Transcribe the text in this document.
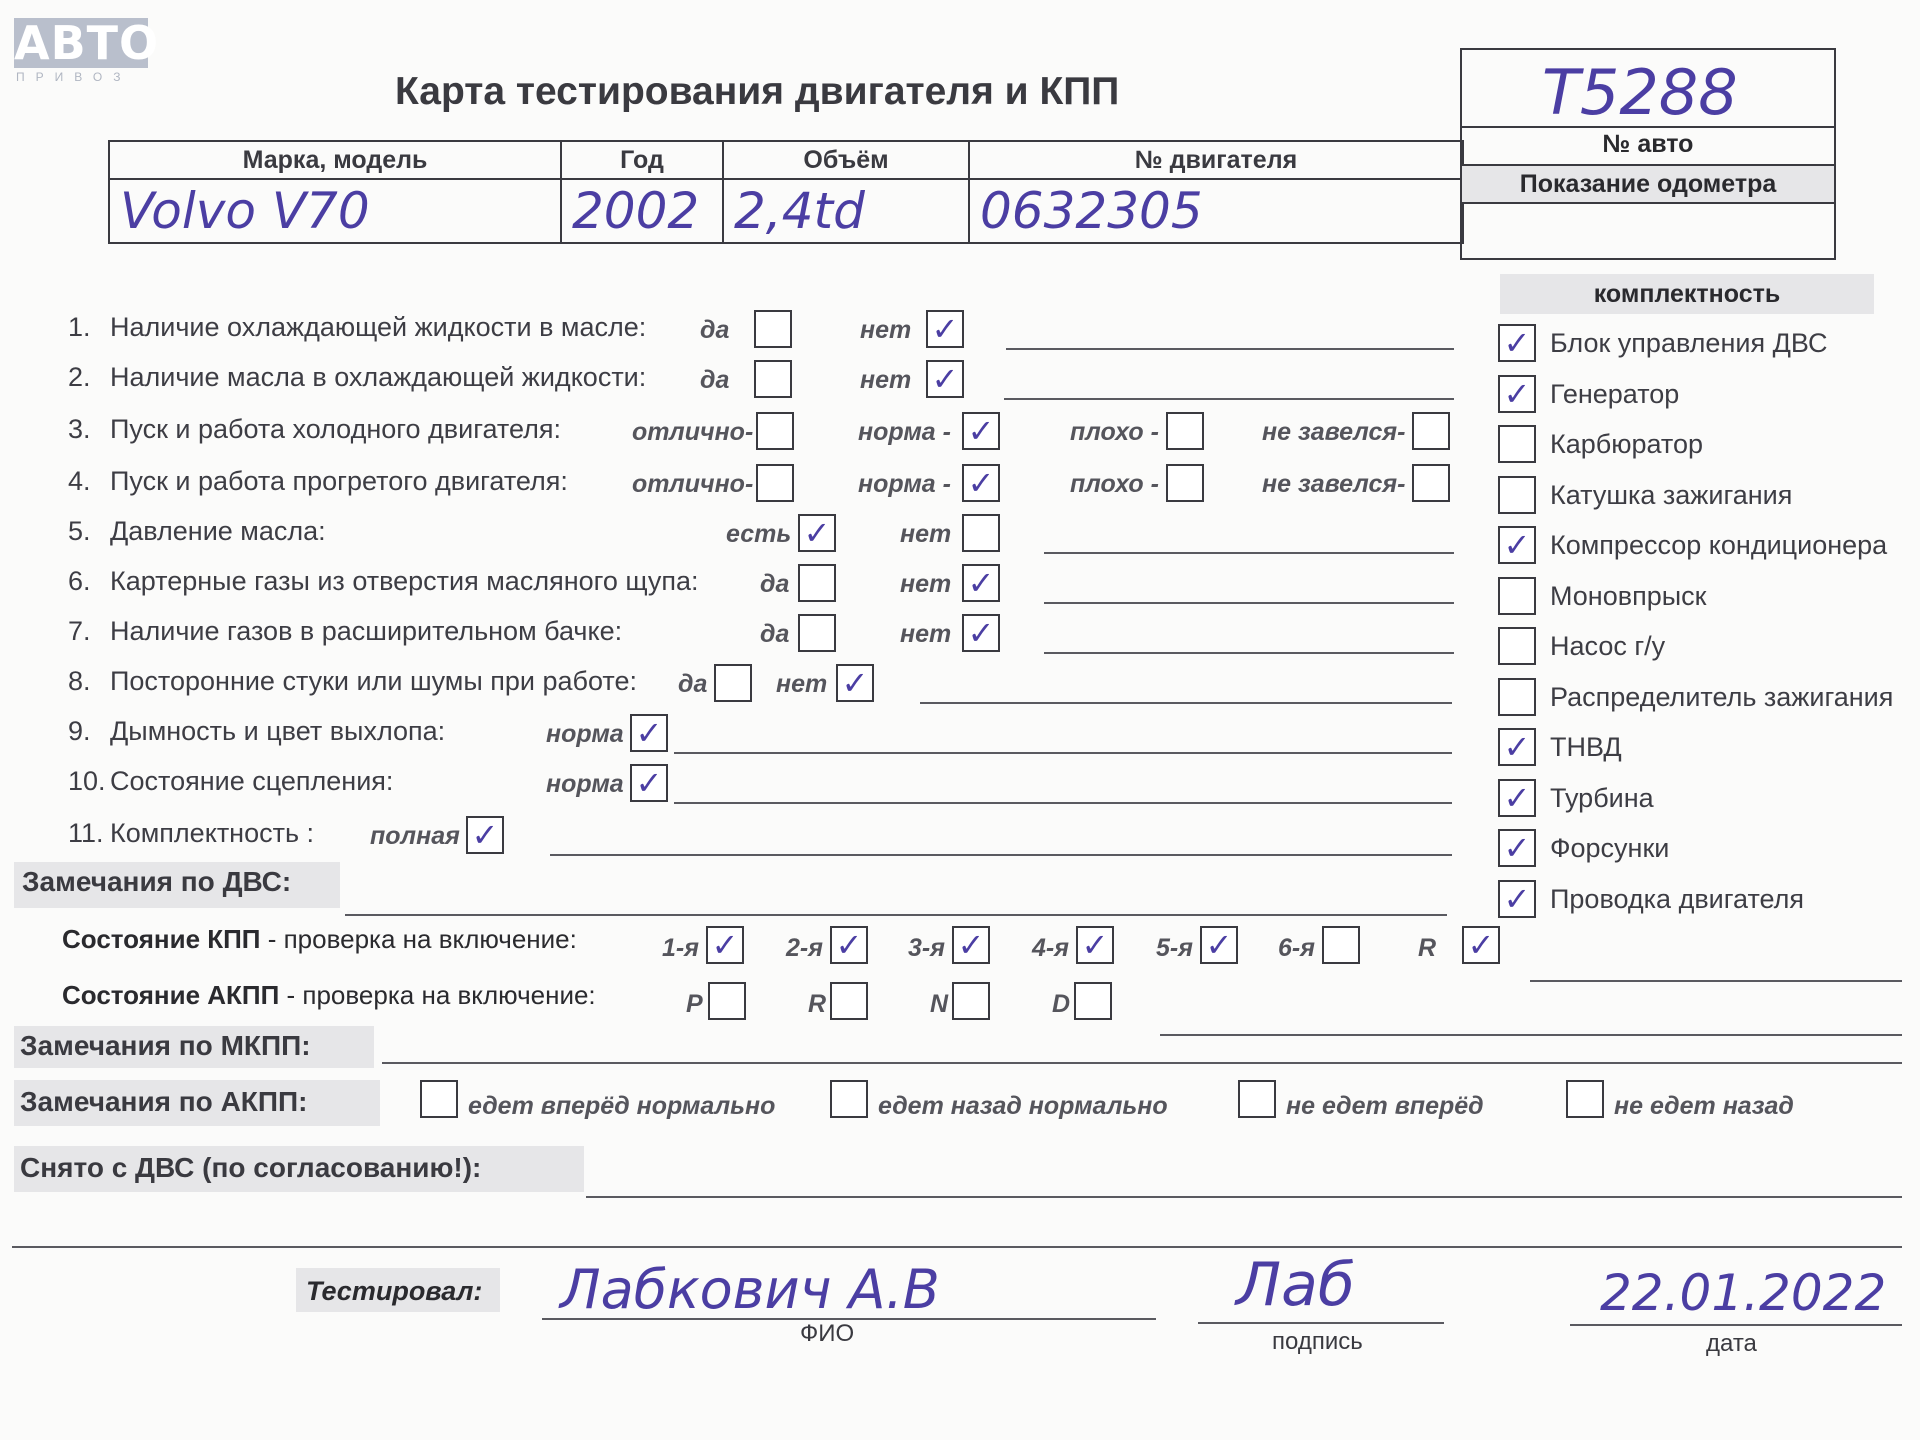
АВТО
ПРИВОЗ	Карта тестирования двигателя и КПП
Марка, модель	Год	Объём	№ двигателя

Volvo V70	2002	2,4td	0632305
T5288
№ авто
Показание одометра
1. Наличие охлаждающей жидкости в масле: да	нет ✓
2. Наличие масла в охлаждающей жидкости: да	нет ✓
3. Пуск и работа холодного двигателя:	отлично-	норма - ✓	плохо -	не завелся-
4. Пуск и работа прогретого двигателя:	отлично-	норма - ✓	плохо -	не завелся-
5. Давление масла:	есть ✓	нет
6. Картерные газы из отверстия масляного щупа: да	нет ✓
7. Наличие газов в расширительном бачке:	да	нет ✓
8. Посторонние стуки или шумы при работе: да	нет ✓
9. Дымность и цвет выхлопа:	норма ✓
10. Состояние сцепления:	норма ✓
11. Комплектность : полная ✓
комплектность
✓ Блок управления ДВС
✓ Генератор
Карбюратор
Катушка зажигания
✓ Компрессор кондиционера
Моновпрыск
Насос г/у
Распределитель зажигания
✓ ТНВД
✓ Турбина
✓ Форсунки
✓ Проводка двигателя
Замечания по ДВС:
Состояние КПП - проверка на включение:	1-я ✓ 2-я ✓ 3-я ✓ 4-я ✓ 5-я ✓ 6-я	R ✓
Состояние АКПП - проверка на включение:	P	R	N	D
Замечания по МКПП:
Замечания по АКПП:	едет вперёд нормально	едет назад нормально	не едет вперёд	не едет назад
Снято с ДВС (по согласованию!):
Тестировал: Лабкович А.В
ФИО
Лаб
подпись
22.01.2022
дата
